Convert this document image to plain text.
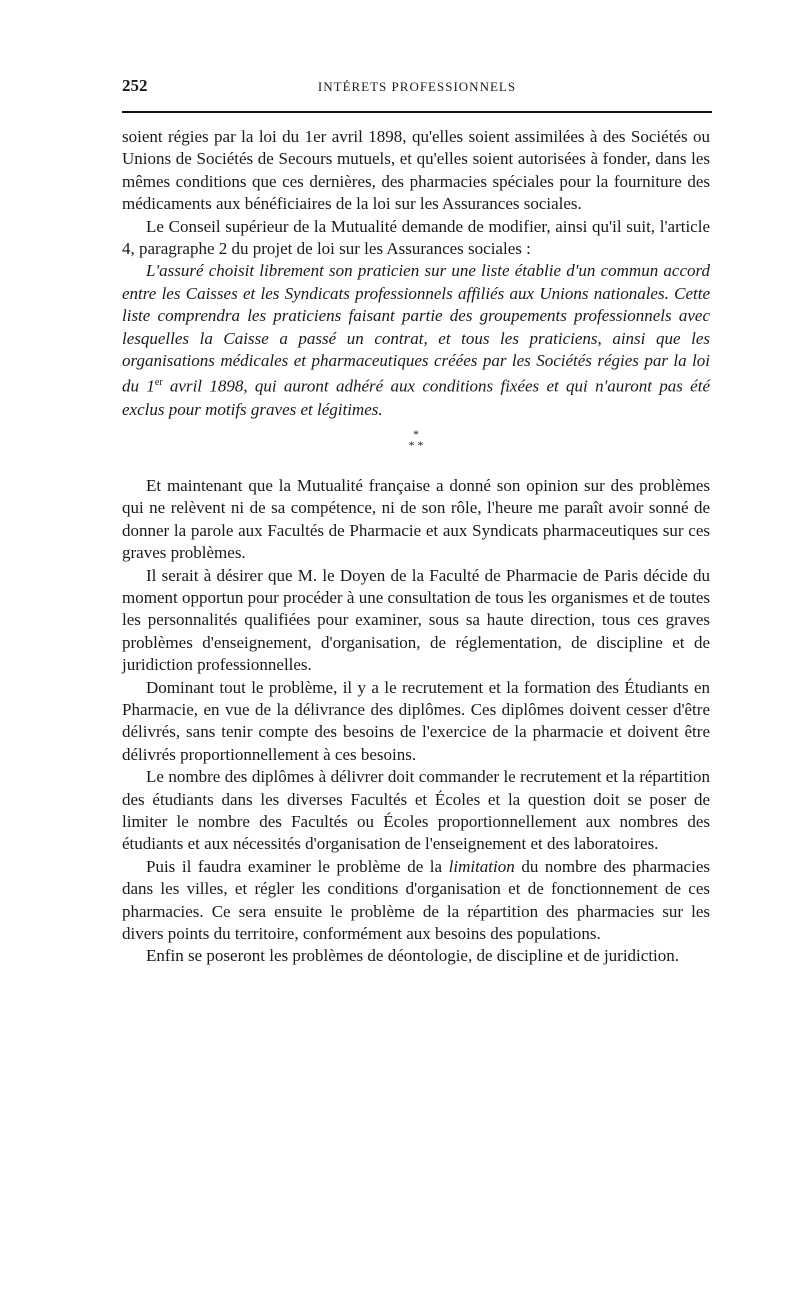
252	INTÉRETS PROFESSIONNELS

soient régies par la loi du 1er avril 1898, qu'elles soient assimilées à des Sociétés ou Unions de Sociétés de Secours mutuels, et qu'elles soient autorisées à fonder, dans les mêmes conditions que ces dernières, des pharmacies spéciales pour la fourniture des médicaments aux bénéficiaires de la loi sur les Assurances sociales.

Le Conseil supérieur de la Mutualité demande de modifier, ainsi qu'il suit, l'article 4, paragraphe 2 du projet de loi sur les Assurances sociales :

L'assuré choisit librement son praticien sur une liste établie d'un commun accord entre les Caisses et les Syndicats professionnels affiliés aux Unions nationales. Cette liste comprendra les praticiens faisant partie des groupements professionnels avec lesquelles la Caisse a passé un contrat, et tous les praticiens, ainsi que les organisations médicales et pharmaceutiques créées par les Sociétés régies par la loi du 1er avril 1898, qui auront adhéré aux conditions fixées et qui n'auront pas été exclus pour motifs graves et légitimes.

*
* *

Et maintenant que la Mutualité française a donné son opinion sur des problèmes qui ne relèvent ni de sa compétence, ni de son rôle, l'heure me paraît avoir sonné de donner la parole aux Facultés de Pharmacie et aux Syndicats pharmaceutiques sur ces graves problèmes.

Il serait à désirer que M. le Doyen de la Faculté de Pharmacie de Paris décide du moment opportun pour procéder à une consultation de tous les organismes et de toutes les personnalités qualifiées pour examiner, sous sa haute direction, tous ces graves problèmes d'enseignement, d'organisation, de réglementation, de discipline et de juridiction professionnelles.

Dominant tout le problème, il y a le recrutement et la formation des Étudiants en Pharmacie, en vue de la délivrance des diplômes. Ces diplômes doivent cesser d'être délivrés, sans tenir compte des besoins de l'exercice de la pharmacie et doivent être délivrés proportionnellement à ces besoins.

Le nombre des diplômes à délivrer doit commander le recrutement et la répartition des étudiants dans les diverses Facultés et Écoles et la question doit se poser de limiter le nombre des Facultés ou Écoles proportionnellement aux nombres des étudiants et aux nécessités d'organisation de l'enseignement et des laboratoires.

Puis il faudra examiner le problème de la limitation du nombre des pharmacies dans les villes, et régler les conditions d'organisation et de fonctionnement de ces pharmacies. Ce sera ensuite le problème de la répartition des pharmacies sur les divers points du territoire, conformément aux besoins des populations.

Enfin se poseront les problèmes de déontologie, de discipline et de juridiction.
